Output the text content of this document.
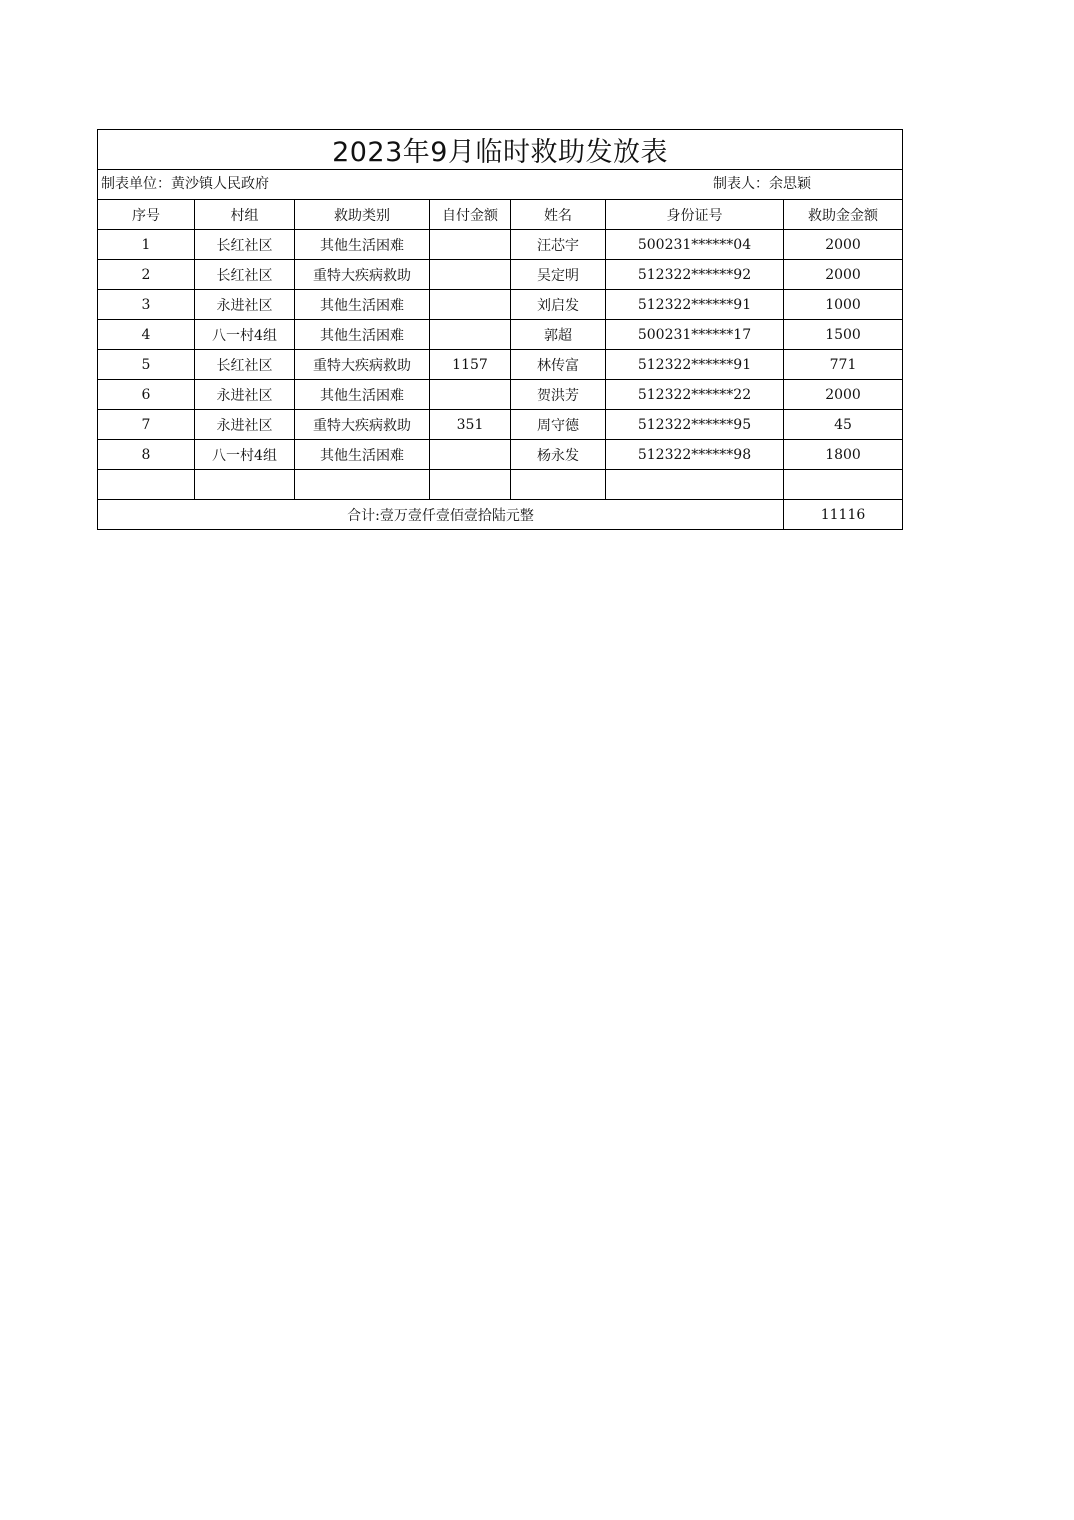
2023年9月临时救助发放表						

制表单位：黄沙镇人民政府 制表人：余思颖						

序号	村组	救助类别	自付金额	姓名	身份证号	救助金金额
1	长红社区	其他生活困难		汪芯宇	500231******04	2000
2	长红社区	重特大疾病救助		吴定明	512322******92	2000
3	永进社区	其他生活困难		刘启发	512322******91	1000
4	八一村4组	其他生活困难		郭超	500231******17	1500
5	长红社区	重特大疾病救助	1157	林传富	512322******91	771
6	永进社区	其他生活困难		贺洪芳	512322******22	2000
7	永进社区	重特大疾病救助	351	周守德	512322******95	45
8	八一村4组	其他生活困难		杨永发	512322******98	1800

合计:壹万壹仟壹佰壹拾陆元整						11116
